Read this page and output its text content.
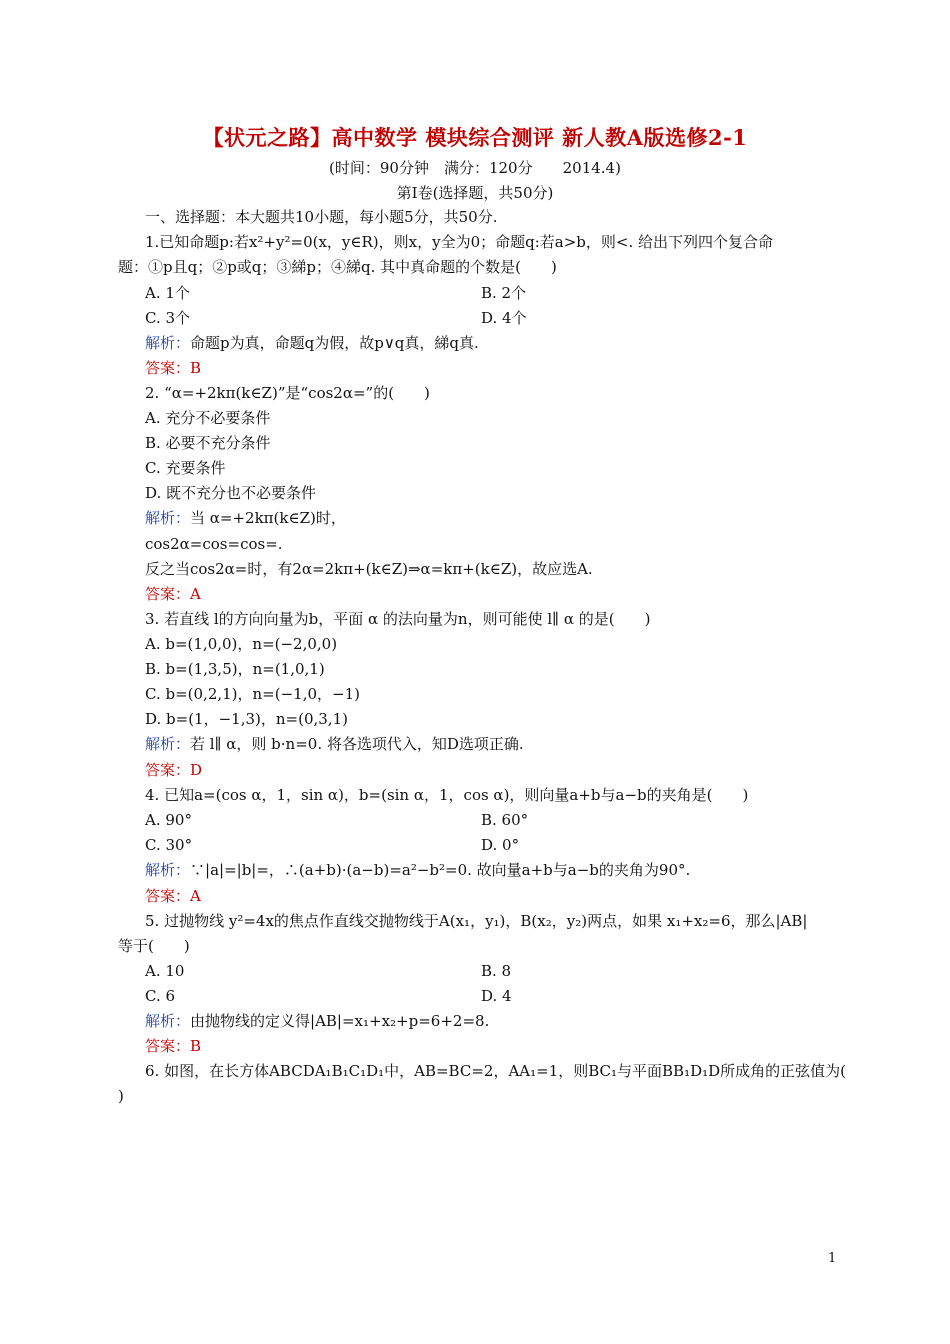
【状元之路】高中数学 模块综合测评 新人教A版选修2-1
(时间：90分钟　满分：120分　　2014.4)
第Ⅰ卷(选择题，共50分)
一、选择题：本大题共10小题，每小题5分，共50分.
1.已知命题p:若x²+y²=0(x，y∈R)，则x，y全为0；命题q:若a>b，则<. 给出下列四个复合命
题：①p且q；②p或q；③綈p；④綈q. 其中真命题的个数是(　　)
A. 1个	B. 2个
C. 3个	D. 4个
解析：命题p为真，命题q为假，故p∨q真，綈q真.
答案：B
2. “α=+2kπ(k∈Z)”是“cos2α=”的(　　)
A. 充分不必要条件
B. 必要不充分条件
C. 充要条件
D. 既不充分也不必要条件
解析：当 α=+2kπ(k∈Z)时，
cos2α=cos=cos=.
反之当cos2α=时，有2α=2kπ+(k∈Z)⇒α=kπ+(k∈Z)，故应选A.
答案：A
3. 若直线 l的方向向量为b，平面 α 的法向量为n，则可能使 l∥ α 的是(　　)
A. b=(1,0,0)，n=(−2,0,0)
B. b=(1,3,5)，n=(1,0,1)
C. b=(0,2,1)，n=(−1,0，−1)
D. b=(1，−1,3)，n=(0,3,1)
解析：若 l∥ α，则 b·n=0. 将各选项代入，知D选项正确.
答案：D
4. 已知a=(cos α，1，sin α)，b=(sin α，1，cos α)，则向量a+b与a−b的夹角是(　　)
A. 90°	B. 60°
C. 30°	D. 0°
解析：∵|a|=|b|=，∴(a+b)·(a−b)=a²−b²=0. 故向量a+b与a−b的夹角为90°.
答案：A
5. 过抛物线 y²=4x的焦点作直线交抛物线于A(x₁，y₁)，B(x₂，y₂)两点，如果 x₁+x₂=6，那么|AB|
等于(　　)
A. 10	B. 8
C. 6	D. 4
解析：由抛物线的定义得|AB|=x₁+x₂+p=6+2=8.
答案：B
6. 如图，在长方体ABCDA₁B₁C₁D₁中，AB=BC=2，AA₁=1，则BC₁与平面BB₁D₁D所成角的正弦值为(
)
1
